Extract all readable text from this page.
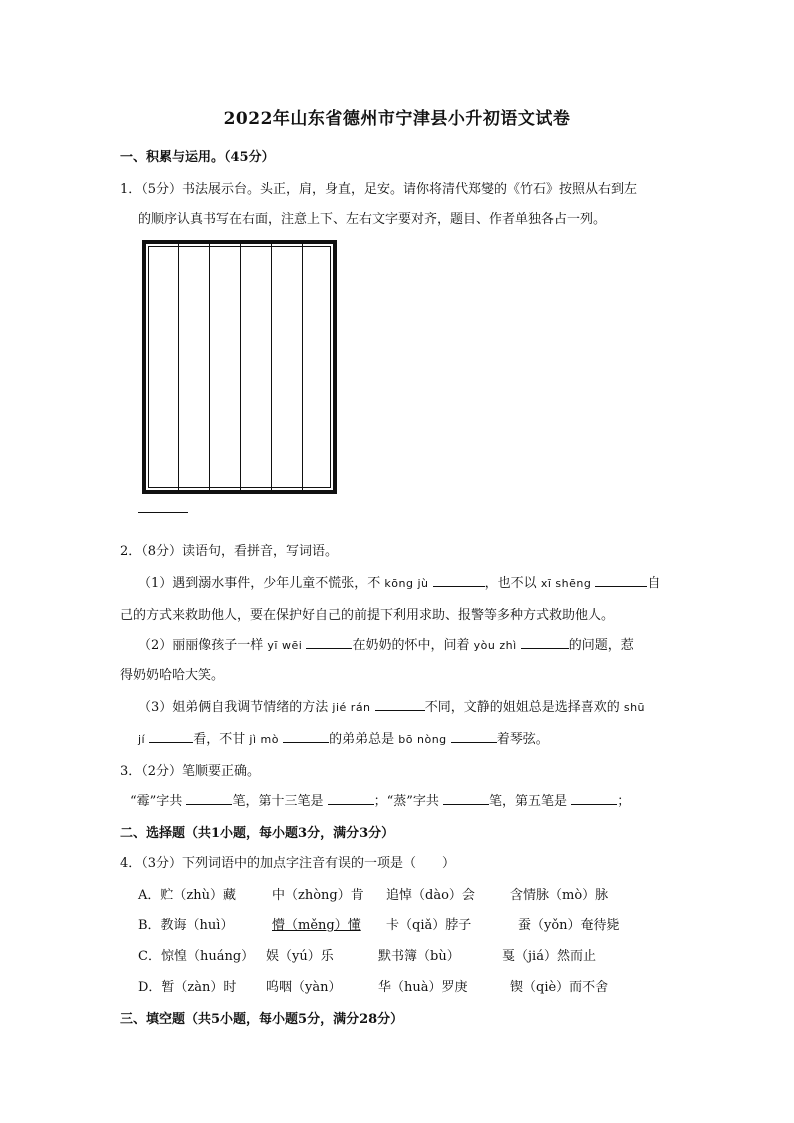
2022年山东省德州市宁津县小升初语文试卷
一、积累与运用。（45分）
1．（5分）书法展示台。头正，肩，身直，足安。请你将清代郑燮的《竹石》按照从右到左
的顺序认真书写在右面，注意上下、左右文字要对齐，题目、作者单独各占一列。
2．（8分）读语句，看拼音，写词语。
（1）遇到溺水事件，少年儿童不慌张，不 kōng jù	，也不以 xī shēng	自
己的方式来救助他人，要在保护好自己的前提下利用求助、报警等多种方式救助他人。
（2）丽丽像孩子一样 yī wēi	在奶奶的怀中，问着 yòu zhì	的问题，惹
得奶奶哈哈大笑。
（3）姐弟俩自我调节情绪的方法 jié rán	不同，文静的姐姐总是选择喜欢的 shū
jí	看，不甘 jì mò	的弟弟总是 bō nòng	着琴弦。
3．（2分）笔顺要正确。
“霉”字共	笔，第十三笔是	；“蒸”字共	笔，第五笔是	；
二、选择题（共1小题，每小题3分，满分3分）
4．（3分）下列词语中的加点字注音有误的一项是（　　）
A．贮（zhù）藏	中（zhòng）肯 追悼（dào）会	含情脉（mò）脉
B．教诲（huì）	懵（měng）懂 卡（qiǎ）脖子	蚕（yǒn）奄待毙
C．惊惶（huáng） 娱（yú）乐	默书簿（bù）	戛（jiá）然而止
D．暂（zàn）时 呜咽（yàn）	华（huà）罗庚	锲（qiè）而不舍
三、填空题（共5小题，每小题5分，满分28分）
